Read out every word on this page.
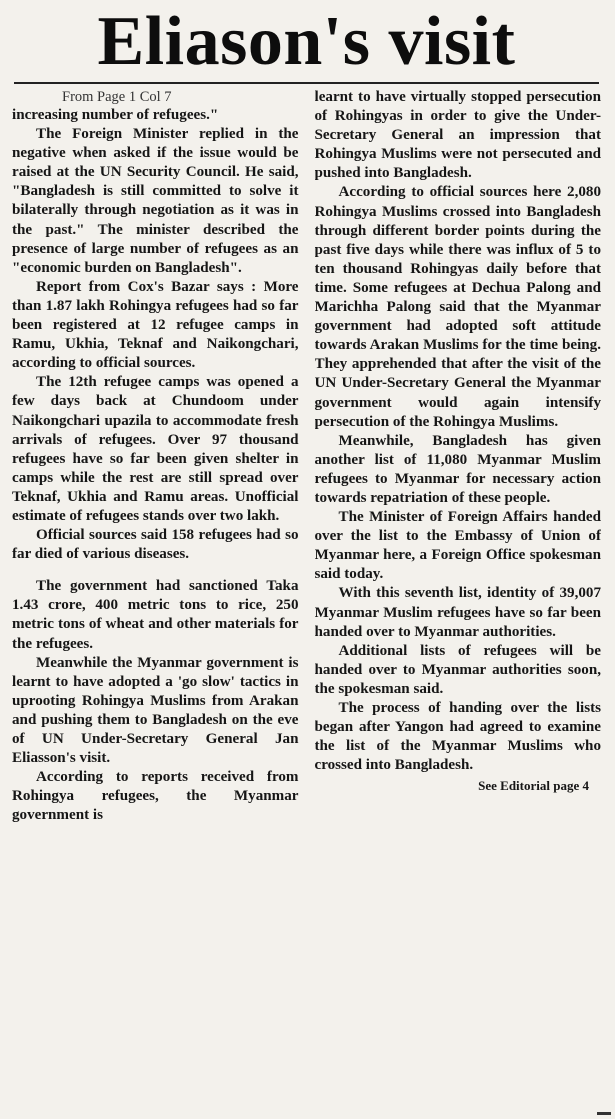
Eliason's visit
From Page 1 Col 7

increasing number of refugees."

The Foreign Minister replied in the negative when asked if the issue would be raised at the UN Security Council. He said, "Bangladesh is still committed to solve it bilaterally through negotiation as it was in the past." The minister described the presence of large number of refugees as an "economic burden on Bangladesh".

Report from Cox's Bazar says : More than 1.87 lakh Rohingya refugees had so far been registered at 12 refugee camps in Ramu, Ukhia, Teknaf and Naikongchari, according to official sources.

The 12th refugee camps was opened a few days back at Chundoom under Naikongchari upazila to accommodate fresh arrivals of refugees. Over 97 thousand refugees have so far been given shelter in camps while the rest are still spread over Teknaf, Ukhia and Ramu areas. Unofficial estimate of refugees stands over two lakh.

Official sources said 158 refugees had so far died of various diseases.

The government had sanctioned Taka 1.43 crore, 400 metric tons to rice, 250 metric tons of wheat and other materials for the refugees.

Meanwhile the Myanmar government is learnt to have adopted a 'go slow' tactics in uprooting Rohingya Muslims from Arakan and pushing them to Bangladesh on the eve of UN Under-Secretary General Jan Eliasson's visit.

According to reports received from Rohingya refugees, the Myanmar government is

learnt to have virtually stopped persecution of Rohingyas in order to give the Under-Secretary General an impression that Rohingya Muslims were not persecuted and pushed into Bangladesh.

According to official sources here 2,080 Rohingya Muslims crossed into Bangladesh through different border points during the past five days while there was influx of 5 to ten thousand Rohingyas daily before that time. Some refugees at Dechua Palong and Marichha Palong said that the Myanmar government had adopted soft attitude towards Arakan Muslims for the time being. They apprehended that after the visit of the UN Under-Secretary General the Myanmar government would again intensify persecution of the Rohingya Muslims.

Meanwhile, Bangladesh has given another list of 11,080 Myanmar Muslim refugees to Myanmar for necessary action towards repatriation of these people.

The Minister of Foreign Affairs handed over the list to the Embassy of Union of Myanmar here, a Foreign Office spokesman said today.

With this seventh list, identity of 39,007 Myanmar Muslim refugees have so far been handed over to Myanmar authorities.

Additional lists of refugees will be handed over to Myanmar authorities soon, the spokesman said.

The process of handing over the lists began after Yangon had agreed to examine the list of the Myanmar Muslims who crossed into Bangladesh.

See Editorial page 4
